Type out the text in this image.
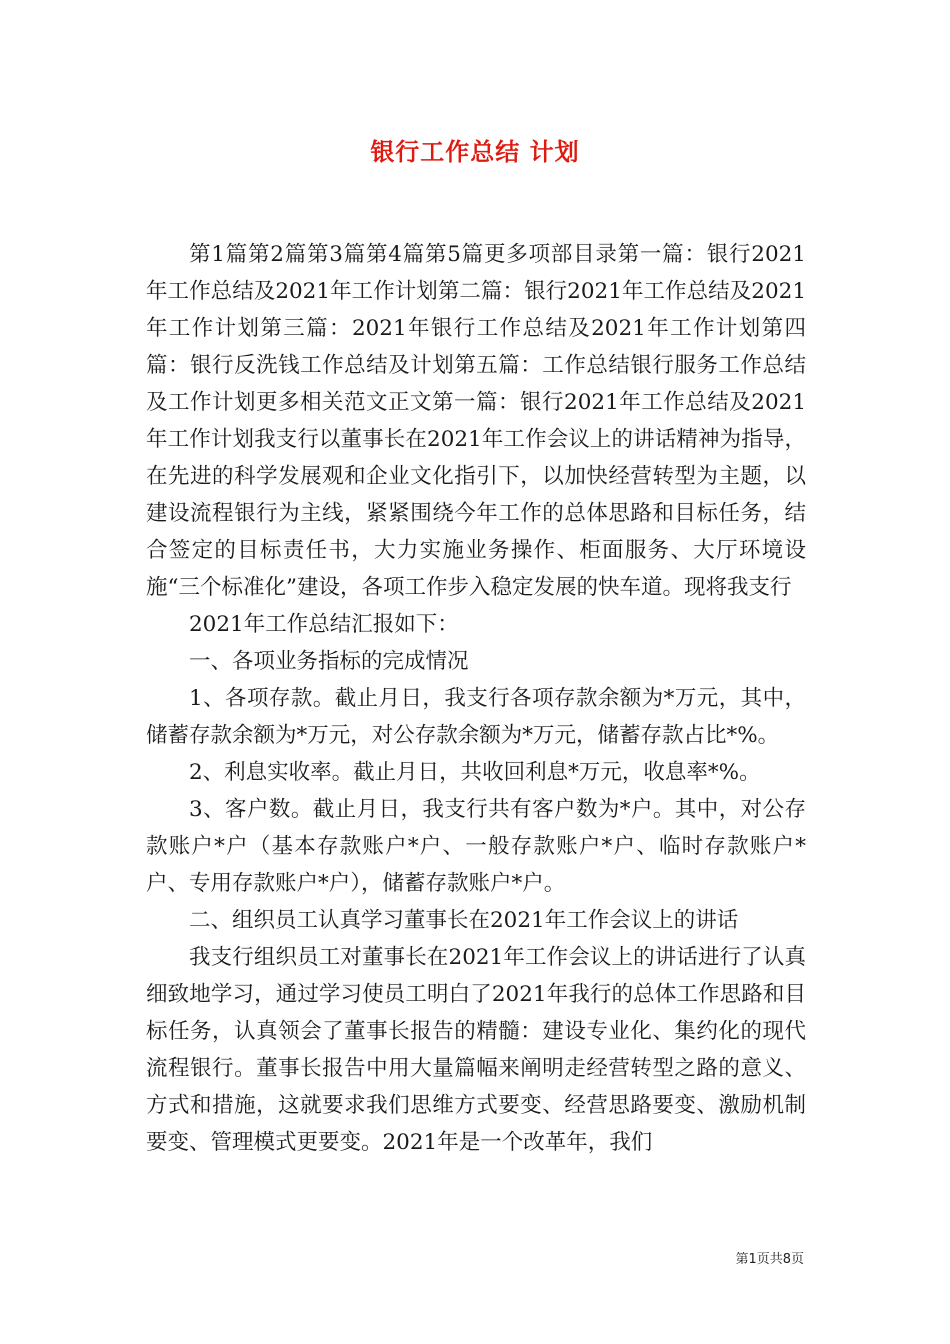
银行工作总结 计划

第1篇第2篇第3篇第4篇第5篇更多项部目录第一篇：银行2021年工作总结及2021年工作计划第二篇：银行2021年工作总结及2021年工作计划第三篇：2021年银行工作总结及2021年工作计划第四篇：银行反洗钱工作总结及计划第五篇：工作总结银行服务工作总结及工作计划更多相关范文正文第一篇：银行2021年工作总结及2021年工作计划我支行以董事长在2021年工作会议上的讲话精神为指导，在先进的科学发展观和企业文化指引下，以加快经营转型为主题，以建设流程银行为主线，紧紧围绕今年工作的总体思路和目标任务，结合签定的目标责任书，大力实施业务操作、柜面服务、大厅环境设施“三个标准化”建设，各项工作步入稳定发展的快车道。现将我支行

2021年工作总结汇报如下：

一、各项业务指标的完成情况

1、各项存款。截止月日，我支行各项存款余额为*万元，其中，储蓄存款余额为*万元，对公存款余额为*万元，储蓄存款占比*%。

2、利息实收率。截止月日，共收回利息*万元，收息率*%。

3、客户数。截止月日，我支行共有客户数为*户。其中，对公存款账户*户（基本存款账户*户、一般存款账户*户、临时存款账户*户、专用存款账户*户），储蓄存款账户*户。

二、组织员工认真学习董事长在2021年工作会议上的讲话

我支行组织员工对董事长在2021年工作会议上的讲话进行了认真细致地学习，通过学习使员工明白了2021年我行的总体工作思路和目标任务，认真领会了董事长报告的精髓：建设专业化、集约化的现代流程银行。董事长报告中用大量篇幅来阐明走经营转型之路的意义、方式和措施，这就要求我们思维方式要变、经营思路要变、激励机制要变、管理模式更要变。2021年是一个改革年，我们

第1页共8页
